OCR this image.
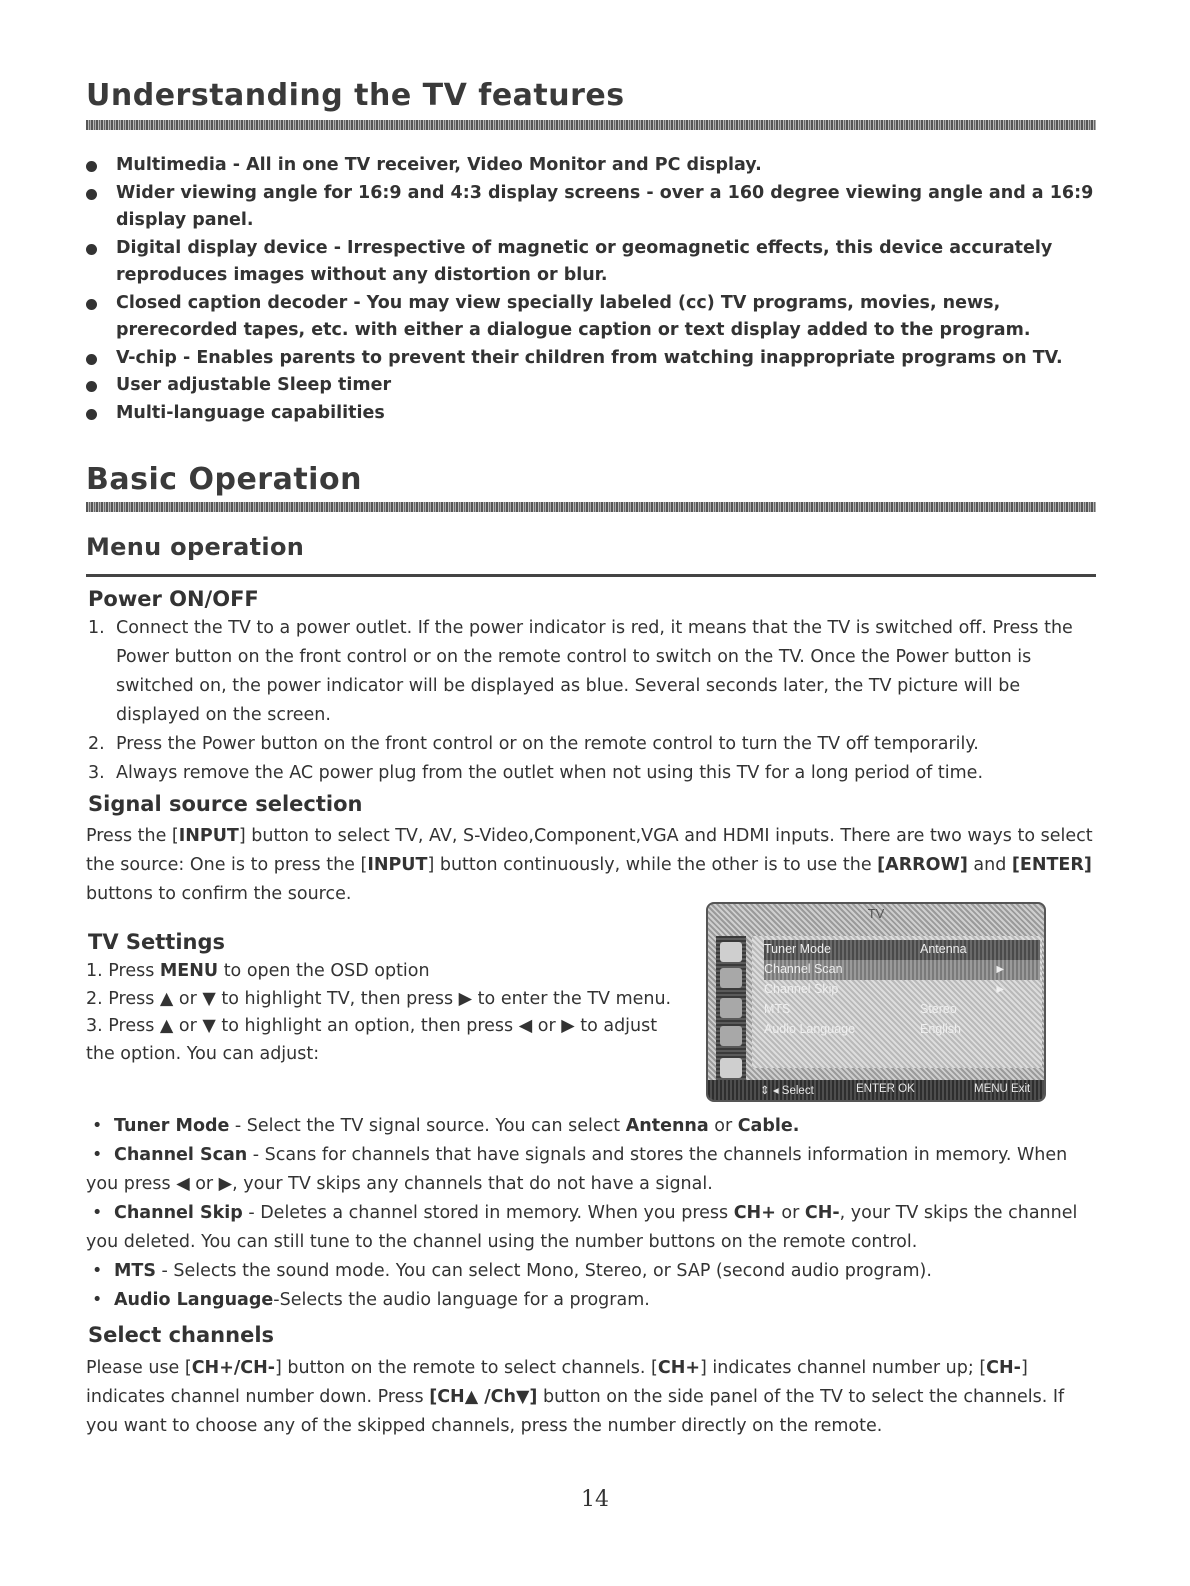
Understanding the TV features
Multimedia - All in one TV receiver, Video Monitor and PC display.
Wider viewing angle for 16:9 and 4:3 display screens - over a 160 degree viewing angle and a 16:9 display panel.
Digital display device - Irrespective of magnetic or geomagnetic effects, this device accurately reproduces images without any distortion or blur.
Closed caption decoder - You may view specially labeled (cc) TV programs, movies, news, prerecorded tapes, etc. with either a dialogue caption or text display added to the program.
V-chip - Enables parents to prevent their children from watching inappropriate programs on TV.
User adjustable Sleep timer
Multi-language capabilities
Basic Operation
Menu operation
Power ON/OFF
1. Connect the TV to a power outlet. If the power indicator is red, it means that the TV is switched off. Press the Power button on the front control or on the remote control to switch on the TV. Once the Power button is switched on, the power indicator will be displayed as blue. Several seconds later, the TV picture will be displayed on the screen.
2. Press the Power button on the front control or on the remote control to turn the TV off temporarily.
3. Always remove the AC power plug from the outlet when not using this TV for a long period of time.
Signal source selection
Press the [INPUT] button to select TV, AV, S-Video,Component,VGA and HDMI inputs. There are two ways to select the source: One is to press the [INPUT] button continuously, while the other is to use the [ARROW] and [ENTER] buttons to confirm the source.
TV Settings
1. Press MENU to open the OSD option
2. Press ▲ or ▼ to highlight TV, then press ▶ to enter the TV menu.
3. Press ▲ or ▼ to highlight an option, then press ◀ or ▶ to adjust
the option. You can adjust:
TV
Tuner Mode	Antenna
Channel Scan	►
Channel Skip	►
MTS	Stereo
Audio Language	English
⇕ ◂ Select	ENTER OK	MENU Exit
• Tuner Mode - Select the TV signal source. You can select Antenna or Cable.
• Channel Scan - Scans for channels that have signals and stores the channels information in memory. When you press ◀ or ▶, your TV skips any channels that do not have a signal.
• Channel Skip - Deletes a channel stored in memory. When you press CH+ or CH-, your TV skips the channel you deleted. You can still tune to the channel using the number buttons on the remote control.
• MTS - Selects the sound mode. You can select Mono, Stereo, or SAP (second audio program).
• Audio Language-Selects the audio language for a program.
Select channels
Please use [CH+/CH-] button on the remote to select channels. [CH+] indicates channel number up; [CH-] indicates channel number down. Press [CH▲ /Ch▼] button on the side panel of the TV to select the channels. If you want to choose any of the skipped channels, press the number directly on the remote.
14
